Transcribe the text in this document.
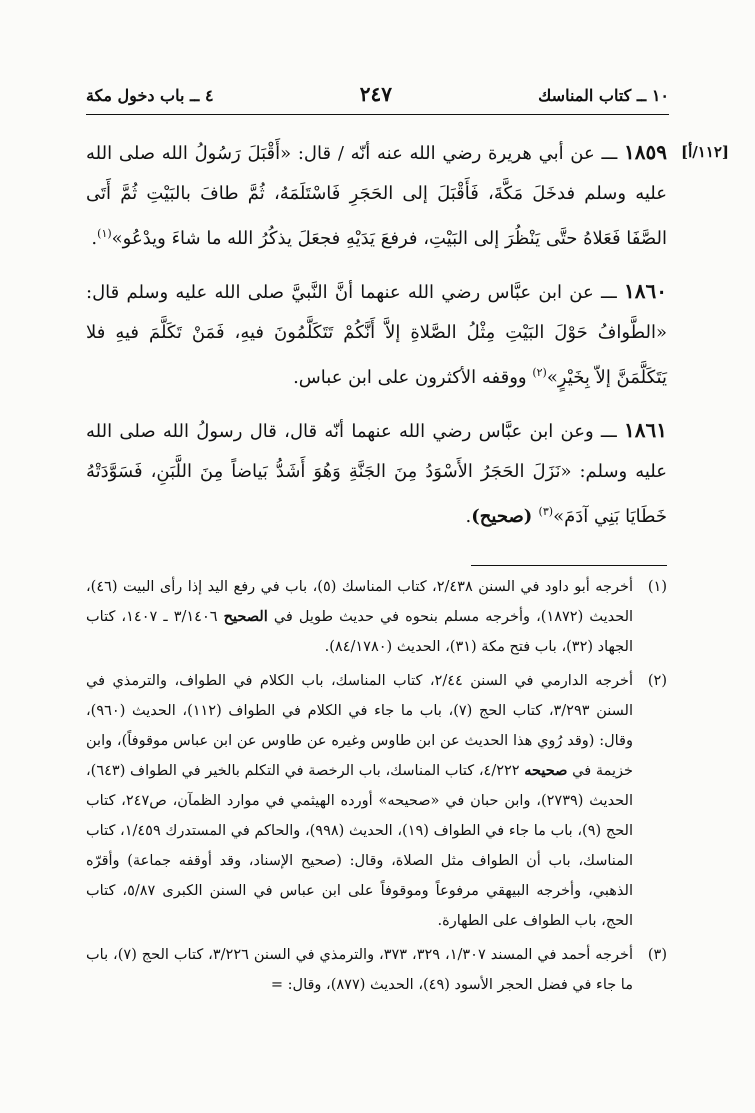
١٠ ــ كتاب المناسك
٢٤٧
٤ ــ باب دخول مكة

[١١٢/أ]
١٨٥٩ ـــ عن أبي هريرة رضي الله عنه أنّه / قال: «أَقْبَلَ رَسُولُ الله صلى الله عليه وسلم فدخَلَ مَكَّةَ، فَأَقْبَلَ إلى الحَجَرِ فَاسْتَلَمَهُ، ثُمَّ طافَ بالبَيْتِ ثُمَّ أَتَى الصَّفَا فَعَلاهُ حتَّى يَنْظُرَ إلى البَيْتِ، فرفعَ يَدَيْهِ فجعَلَ يذكُرُ الله ما شاءَ ويدْعُو»$^{(١)}$.

١٨٦٠ ـــ عن ابن عبَّاس رضي الله عنهما أنَّ النَّبيَّ صلى الله عليه وسلم قال: «الطَّوافُ حَوْلَ البَيْتِ مِثْلُ الصَّلاةِ إلاَّ أَنَّكُمْ تَتَكَلَّمُونَ فيهِ، فَمَنْ تَكَلَّمَ فيهِ فلا يَتَكَلَّمَنَّ إلاّ بِخَيْرٍ»$^{(٢)}$ ووقفه الأكثرون على ابن عباس.

١٨٦١ ـــ وعن ابن عبَّاس رضي الله عنهما أنّه قال، قال رسولُ الله صلى الله عليه وسلم: «نَزَلَ الحَجَرُ الأَسْوَدُ مِنَ الجَنَّةِ وَهُوَ أَشَدُّ بَياضاً مِنَ اللَّبَنِ، فَسَوَّدَتْهُ خَطَايَا بَنِي آدَمَ»$^{(٣)}$ (صحيح).

(١)
أخرجه أبو داود في السنن ٢/٤٣٨، كتاب المناسك (٥)، باب في رفع اليد إذا رأى البيت (٤٦)، الحديث (١٨٧٢)، وأخرجه مسلم بنحوه في حديث طويل في الصحيح ٣/١٤٠٦ ـ ١٤٠٧، كتاب الجهاد (٣٢)، باب فتح مكة (٣١)، الحديث (٨٤/١٧٨٠).

(٢)
أخرجه الدارمي في السنن ٢/٤٤، كتاب المناسك، باب الكلام في الطواف، والترمذي في السنن ٣/٢٩٣، كتاب الحج (٧)، باب ما جاء في الكلام في الطواف (١١٢)، الحديث (٩٦٠)، وقال: (وقد رُوي هذا الحديث عن ابن طاوس وغيره عن طاوس عن ابن عباس موقوفاً)، وابن خزيمة في صحيحه ٤/٢٢٢، كتاب المناسك، باب الرخصة في التكلم بالخير في الطواف (٦٤٣)، الحديث (٢٧٣٩)، وابن حبان في «صحيحه» أورده الهيثمي في موارد الظمآن، ص٢٤٧، كتاب الحج (٩)، باب ما جاء في الطواف (١٩)، الحديث (٩٩٨)، والحاكم في المستدرك ١/٤٥٩، كتاب المناسك، باب أن الطواف مثل الصلاة، وقال: (صحيح الإسناد، وقد أوقفه جماعة) وأقرّه الذهبي، وأخرجه البيهقي مرفوعاً وموقوفاً على ابن عباس في السنن الكبرى ٥/٨٧، كتاب الحج، باب الطواف على الطهارة.

(٣)
أخرجه أحمد في المسند ١/٣٠٧، ٣٢٩، ٣٧٣، والترمذي في السنن ٣/٢٢٦، كتاب الحج (٧)، باب ما جاء في فضل الحجر الأسود (٤٩)، الحديث (٨٧٧)، وقال: =
